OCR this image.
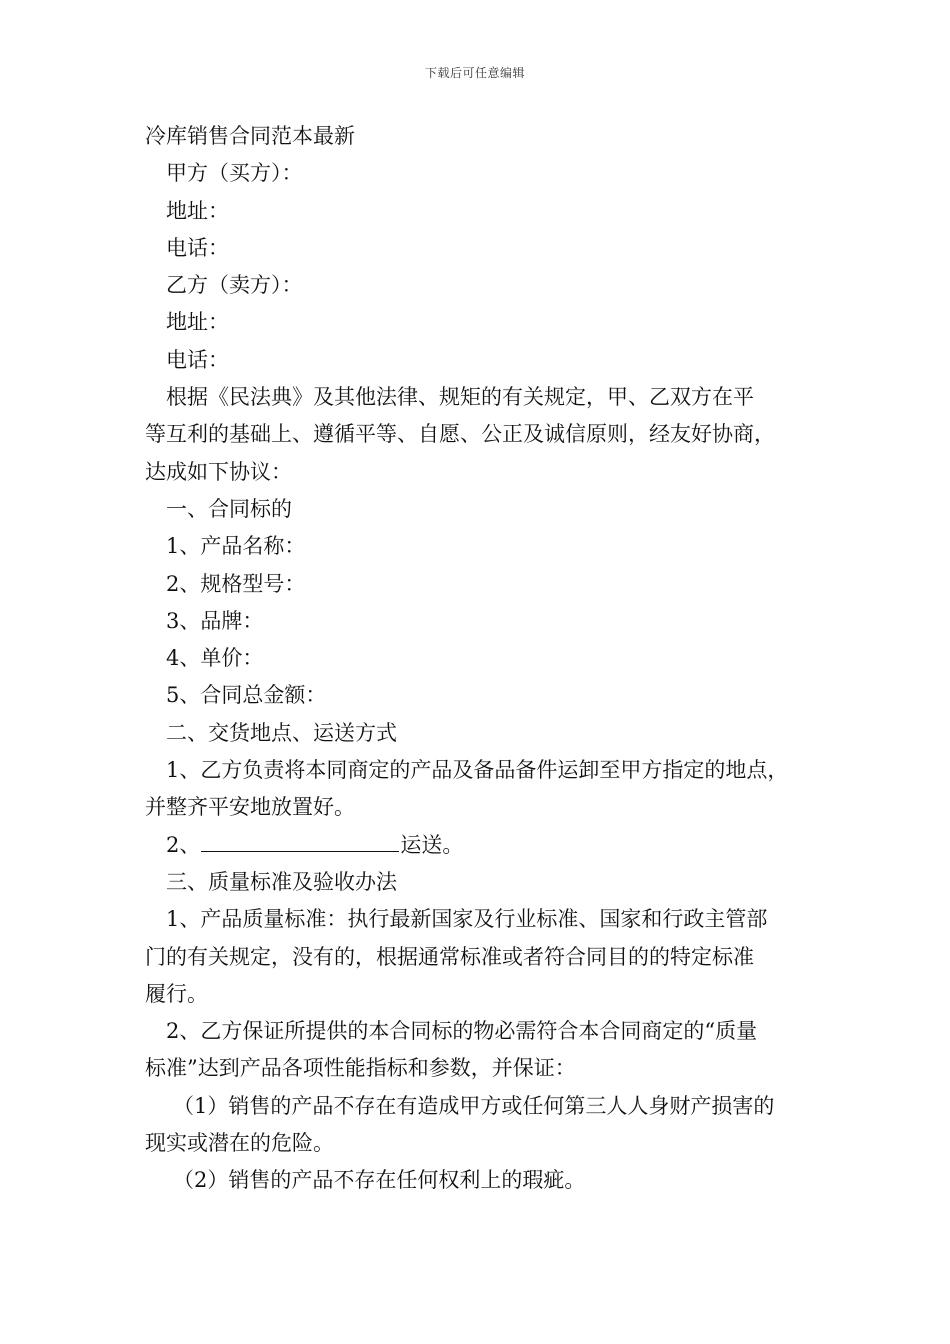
下载后可任意编辑
冷库销售合同范本最新
甲方（买方）：
地址：
电话：
乙方（卖方）：
地址：
电话：
根据《民法典》及其他法律、规矩的有关规定，甲、乙双方在平
等互利的基础上、遵循平等、自愿、公正及诚信原则，经友好协商，
达成如下协议：
一、合同标的
1、产品名称：
2、规格型号：
3、品牌：
4、单价：
5、合同总金额：
二、交货地点、运送方式
1、乙方负责将本同商定的产品及备品备件运卸至甲方指定的地点，
并整齐平安地放置好。
2、	运送。
三、质量标准及验收办法
1、产品质量标准：执行最新国家及行业标准、国家和行政主管部
门的有关规定，没有的，根据通常标准或者符合同目的的特定标准
履行。
2、乙方保证所提供的本合同标的物必需符合本合同商定的“质量
标准”达到产品各项性能指标和参数，并保证：
（1）销售的产品不存在有造成甲方或任何第三人人身财产损害的
现实或潜在的危险。
（2）销售的产品不存在任何权利上的瑕疵。
